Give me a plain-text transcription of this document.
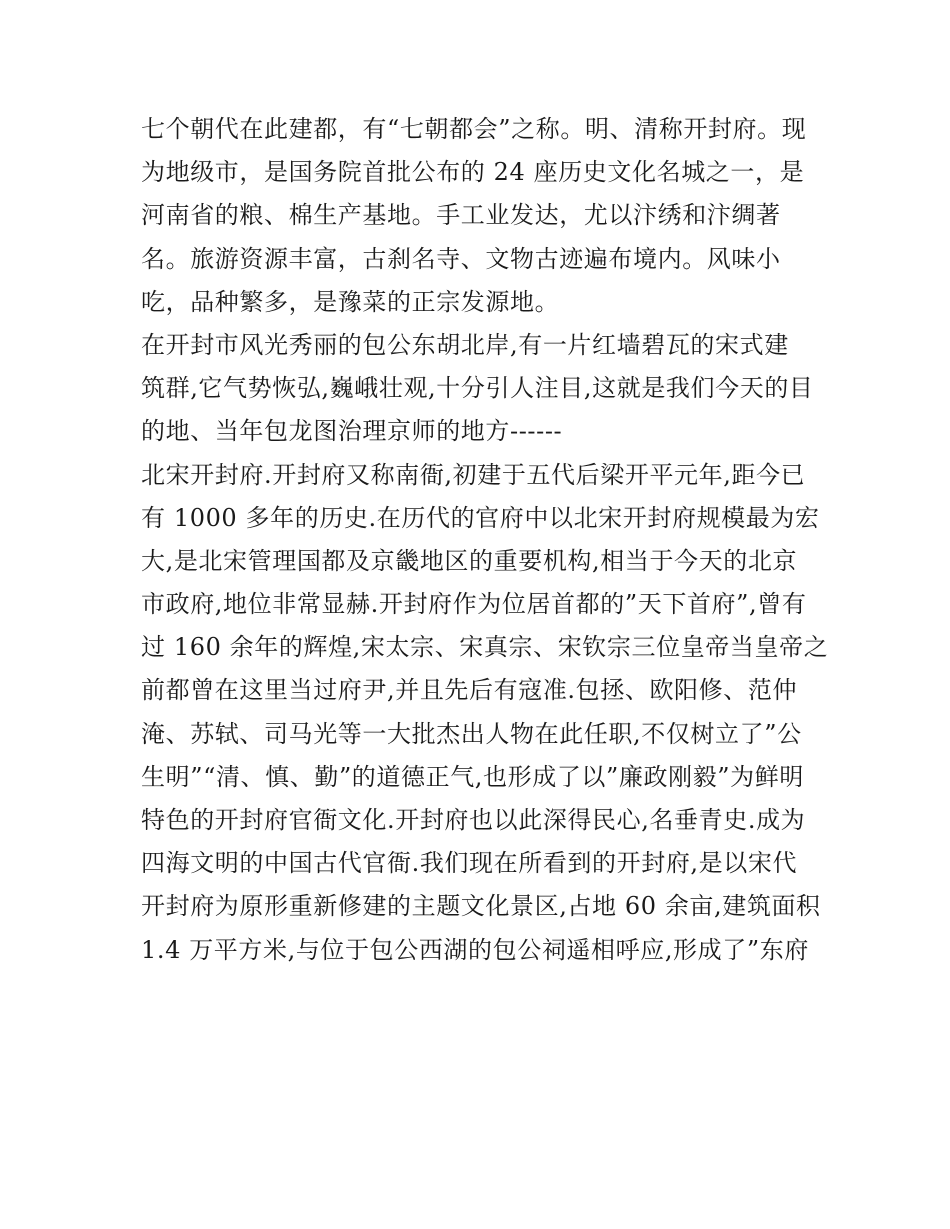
七个朝代在此建都，有“七朝都会”之称。明、清称开封府。现
为地级市，是国务院首批公布的 24 座历史文化名城之一，是
河南省的粮、棉生产基地。手工业发达，尤以汴绣和汴绸著
名。旅游资源丰富，古刹名寺、文物古迹遍布境内。风味小
吃，品种繁多，是豫菜的正宗发源地。
在开封市风光秀丽的包公东胡北岸,有一片红墙碧瓦的宋式建
筑群,它气势恢弘,巍峨壮观,十分引人注目,这就是我们今天的目
的地、当年包龙图治理京师的地方------
北宋开封府.开封府又称南衙,初建于五代后梁开平元年,距今已
有 1000 多年的历史.在历代的官府中以北宋开封府规模最为宏
大,是北宋管理国都及京畿地区的重要机构,相当于今天的北京
市政府,地位非常显赫.开封府作为位居首都的”天下首府”,曾有
过 160 余年的辉煌,宋太宗、宋真宗、宋钦宗三位皇帝当皇帝之
前都曾在这里当过府尹,并且先后有寇准.包拯、欧阳修、范仲
淹、苏轼、司马光等一大批杰出人物在此任职,不仅树立了”公
生明”“清、慎、勤”的道德正气,也形成了以”廉政刚毅”为鲜明
特色的开封府官衙文化.开封府也以此深得民心,名垂青史.成为
四海文明的中国古代官衙.我们现在所看到的开封府,是以宋代
开封府为原形重新修建的主题文化景区,占地 60 余亩,建筑面积
1.4 万平方米,与位于包公西湖的包公祠遥相呼应,形成了”东府
